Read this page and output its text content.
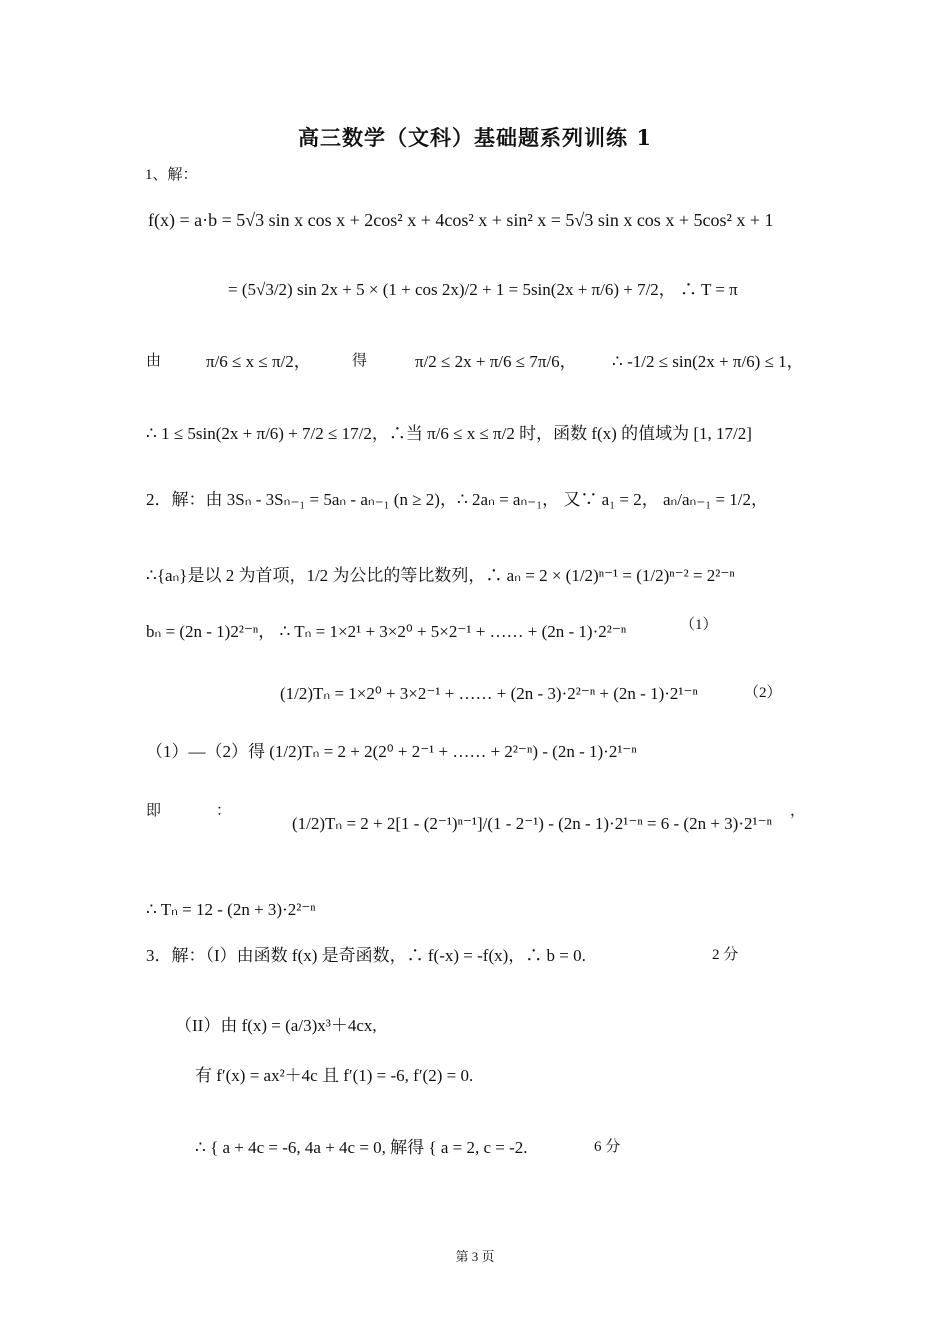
高三数学（文科）基础题系列训练 1
1、解：
f(x) = a·b = 5√3 sin x cos x + 2cos² x + 4cos² x + sin² x = 5√3 sin x cos x + 5cos² x + 1
= (5√3/2) sin 2x + 5 × (1 + cos 2x)/2 + 1 = 5sin(2x + π/6) + 7/2， ∴ T = π
由	π/6 ≤ x ≤ π/2，	得	π/2 ≤ 2x + π/6 ≤ 7π/6， ∴ -1/2 ≤ sin(2x + π/6) ≤ 1，
∴ 1 ≤ 5sin(2x + π/6) + 7/2 ≤ 17/2，∴当 π/6 ≤ x ≤ π/2 时，函数 f(x) 的值域为 [1, 17/2]
2．解：由 3Sₙ - 3Sₙ₋₁ = 5aₙ - aₙ₋₁ (n ≥ 2)，∴ 2aₙ = aₙ₋₁， 又∵ a₁ = 2， aₙ/aₙ₋₁ = 1/2，
∴{aₙ}是以 2 为首项，1/2 为公比的等比数列，∴ aₙ = 2 × (1/2)ⁿ⁻¹ = (1/2)ⁿ⁻² = 2²⁻ⁿ
bₙ = (2n - 1)2²⁻ⁿ， ∴ Tₙ = 1×2¹ + 3×2⁰ + 5×2⁻¹ + …… + (2n - 1)·2²⁻ⁿ	（1）
(1/2)Tₙ = 1×2⁰ + 3×2⁻¹ + …… + (2n - 3)·2²⁻ⁿ + (2n - 1)·2¹⁻ⁿ	（2）
（1）—（2）得 (1/2)Tₙ = 2 + 2(2⁰ + 2⁻¹ + …… + 2²⁻ⁿ) - (2n - 1)·2¹⁻ⁿ
即	：
(1/2)Tₙ = 2 + 2[1 - (2⁻¹)ⁿ⁻¹]/(1 - 2⁻¹) - (2n - 1)·2¹⁻ⁿ = 6 - (2n + 3)·2¹⁻ⁿ
，
∴ Tₙ = 12 - (2n + 3)·2²⁻ⁿ
3．解：（I）由函数 f(x) 是奇函数，∴ f(-x) = -f(x)，∴ b = 0.	2 分
（II）由 f(x) = (a/3)x³＋4cx,
有 f′(x) = ax²＋4c 且 f′(1) = -6, f′(2) = 0.
∴ { a + 4c = -6, 4a + 4c = 0, 解得 { a = 2, c = -2.	6 分
第 3 页
